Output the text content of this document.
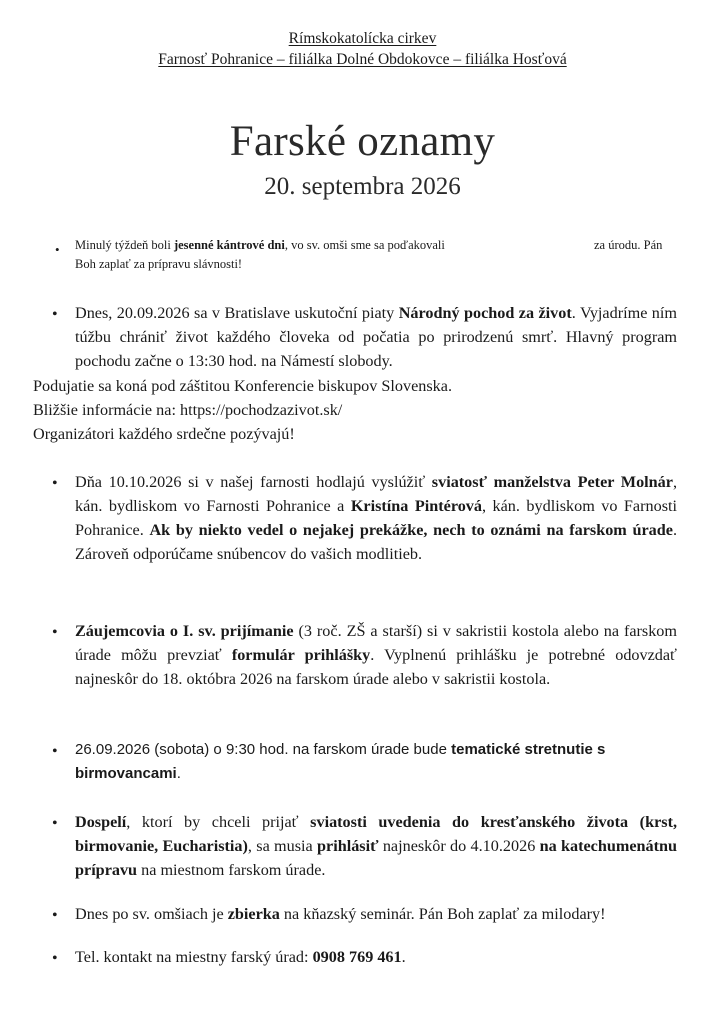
Rímskokatolícka cirkev
Farnosť Pohranice – filiálka Dolné Obdokovce – filiálka Hosťová
Farské oznamy
20. septembra 2026
• Minulý týždeň boli jesenné kántrové dni, vo sv. omši sme sa poďakovali
Boh zaplať za prípravu slávnosti!
za úrodu. Pán
• Dnes, 20.09.2026 sa v Bratislave uskutoční piaty Národný pochod za život. Vyjadríme ním túžbu chrániť život každého človeka od počatia po prirodzenú smrť. Hlavný program pochodu začne o 13:30 hod. na Námestí slobody.
Podujatie sa koná pod záštitou Konferencie biskupov Slovenska.
Bližšie informácie na: https://pochodzazivot.sk/
Organizátori každého srdečne pozývajú!
• Dňa 10.10.2026 si v našej farnosti hodlajú vyslúžiť sviatosť manželstva Peter Molnár, kán. bydliskom vo Farnosti Pohranice a Kristína Pintérová, kán. bydliskom vo Farnosti Pohranice. Ak by niekto vedel o nejakej prekážke, nech to oznámi na farskom úrade. Zároveň odporúčame snúbencov do vašich modlitieb.
• Záujemcovia o I. sv. prijímanie (3 roč. ZŠ a starší) si v sakristii kostola alebo na farskom úrade môžu prevziať formulár prihlášky. Vyplnenú prihlášku je potrebné odovzdať najneskôr do 18. októbra 2026 na farskom úrade alebo v sakristii kostola.
• 26.09.2026 (sobota) o 9:30 hod. na farskom úrade bude tematické stretnutie s birmovancami.
• Dospelí, ktorí by chceli prijať sviatosti uvedenia do kresťanského života (krst, birmovanie, Eucharistia), sa musia prihlásiť najneskôr do 4.10.2026 na katechumenátnu prípravu na miestnom farskom úrade.
• Dnes po sv. omšiach je zbierka na kňazský seminár. Pán Boh zaplať za milodary!
• Tel. kontakt na miestny farský úrad: 0908 769 461.
